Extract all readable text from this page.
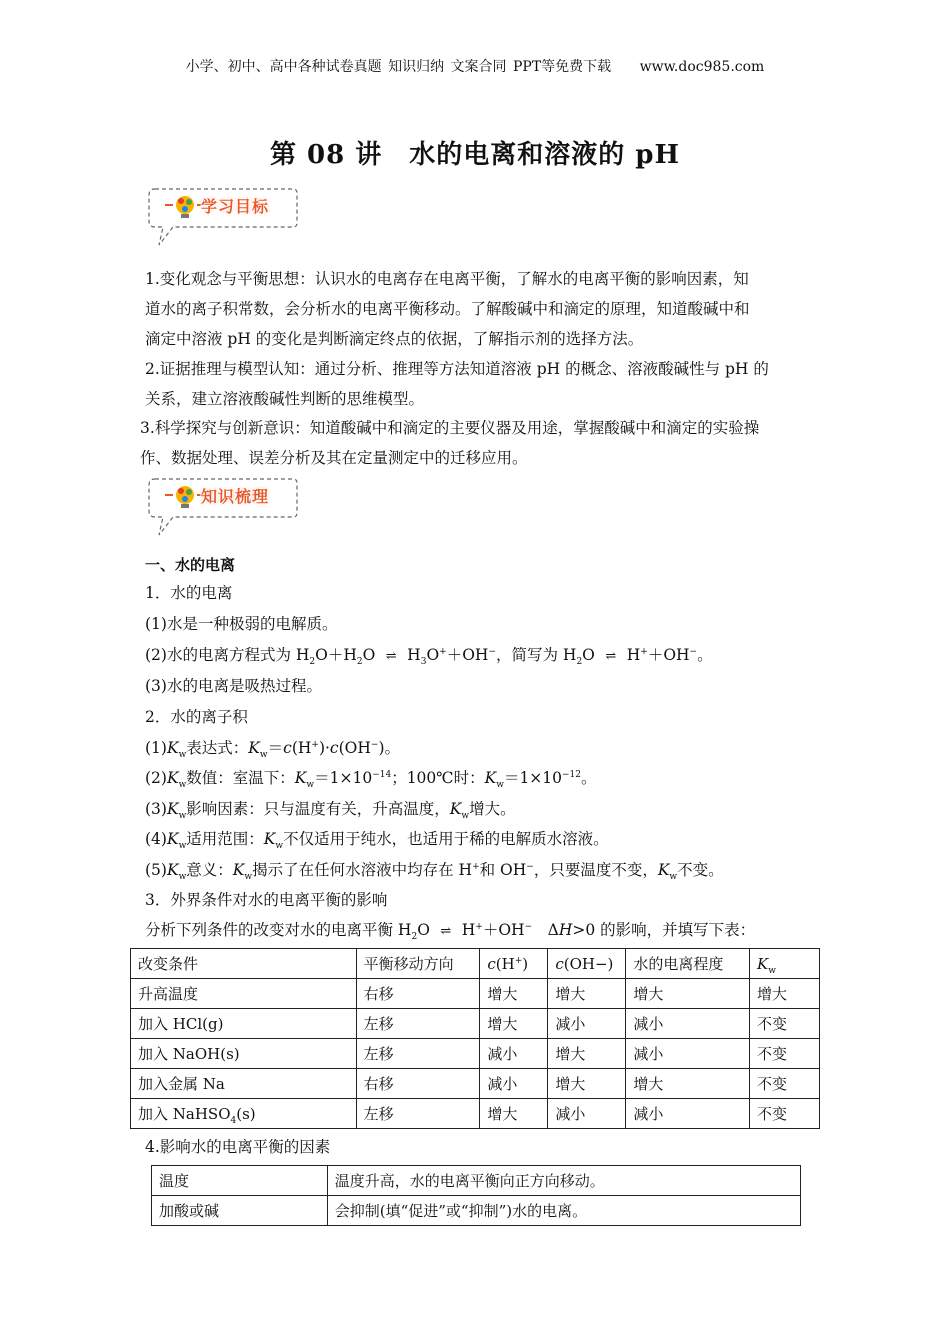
小学、初中、高中各种试卷真题 知识归纳 文案合同 PPT等免费下载 www.doc985.com
第 08 讲　水的电离和溶液的 pH
学习目标
1.变化观念与平衡思想：认识水的电离存在电离平衡，了解水的电离平衡的影响因素，知
道水的离子积常数，会分析水的电离平衡移动。了解酸碱中和滴定的原理，知道酸碱中和
滴定中溶液 pH 的变化是判断滴定终点的依据，了解指示剂的选择方法。
2.证据推理与模型认知：通过分析、推理等方法知道溶液 pH 的概念、溶液酸碱性与 pH 的
关系，建立溶液酸碱性判断的思维模型。
3.科学探究与创新意识：知道酸碱中和滴定的主要仪器及用途，掌握酸碱中和滴定的实验操
作、数据处理、误差分析及其在定量测定中的迁移应用。
知识梳理
一、水的电离
1．水的电离
(1)水是一种极弱的电解质。
(2)水的电离方程式为 $H_2O+H_2O$ ⇌ $H_3O^++OH^-$，简写为 $H_2O$ ⇌ H+＋OH−。
(3)水的电离是吸热过程。
2．水的离子积
$(1)K_w$表达式：$K_w=c(H^+)\cdot c(OH^-)$。
$(2)K_w$数值：室温下：$K_w=1\times 10^{-14}$；100℃时：$K_w=1\times 10^{-12}$。
$(3)K_w$影响因素：只与温度有关，升高温度，$K_w$增大。
$(4)K_w$适用范围：$K_w$不仅适用于纯水，也适用于稀的电解质水溶液。
$(5)K_w$意义：$K_w$揭示了在任何水溶液中均存在 H+和 OH−，只要温度不变，$K_w$不变。
3．外界条件对水的电离平衡的影响
分析下列条件的改变对水的电离平衡 $H_2O$ ⇌ H+＋OH−　ΔH>0 的影响，并填写下表：
改变条件	平衡移动方向	c(H+)	c(OH−)	水的电离程度	$K_w$
升高温度	右移	增大	增大	增大	增大
加入 HCl(g)	左移	增大	减小	减小	不变
加入 NaOH(s)	左移	减小	增大	减小	不变
加入金属 Na	右移	减小	增大	增大	不变
加入 NaHSO$_4$(s)	左移	增大	减小	减小	不变
4.影响水的电离平衡的因素
温度	温度升高，水的电离平衡向正方向移动。
加酸或碱	会抑制(填“促进”或“抑制”)水的电离。
